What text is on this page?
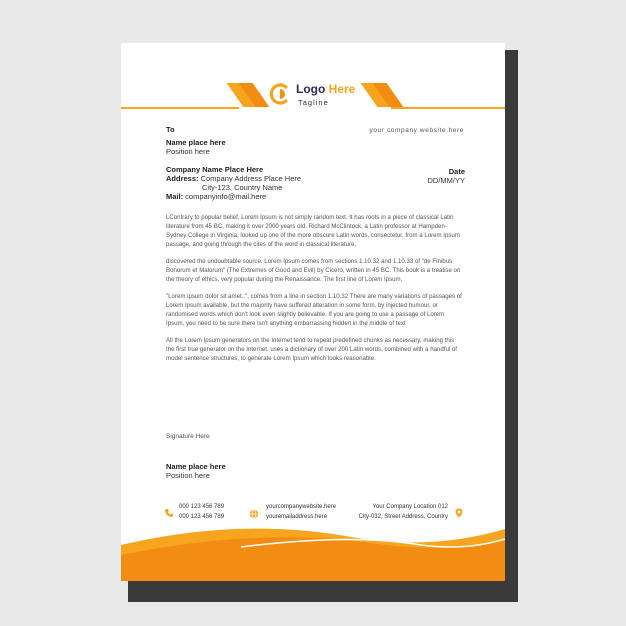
Logo Here
Tagline
your company website.here
To
Name place here
Position here
Company Name Place Here
Address: Company Address Place Here
City-123, Country Name
Mail: companyinfo@mail.here
Date
DD/MM/YY

LContrary to popular belief, Lorem Ipsum is not simply random text. It has roots in a piece of classical Latin literature from 45 BC, making it over 2000 years old. Richard McClintock, a Latin professor at Hampden-Sydney College in Virginia, looked up one of the more obscure Latin words, consectetur, from a Lorem Ipsum passage, and going through the cites of the word in classical literature,

discovered the undoubtable source. Lorem Ipsum comes from sections 1.10.32 and 1.10.33 of "de Finibus Bonorum et Malorum" (The Extremes of Good and Evil) by Cicero, written in 45 BC. This book is a treatise on the theory of ethics, very popular during the Renaissance. The first line of Lorem Ipsum,

"Lorem ipsum dolor sit amet..", comes from a line in section 1.10.32 There are many variations of passages of Lorem Ipsum available, but the majority have suffered alteration in some form, by injected humour, or randomised words which don't look even slightly believable. If you are going to use a passage of Lorem Ipsum, you need to be sure there isn't anything embarrassing hidden in the middle of text

All the Lorem Ipsum generators on the Internet tend to repeat predefined chunks as necessary, making this the first true generator on the Internet. uses a dictionary of over 200 Latin words, combined with a handful of model sentence structures, to generate Lorem Ipsum which looks reasonable.

Signature Here
Name place here
Position here
000 123 456 789
000 123 456 789
yourcompanywebsite.here
youremailaddress.here
Your Company Location 012
City-032, Street Address, Country
